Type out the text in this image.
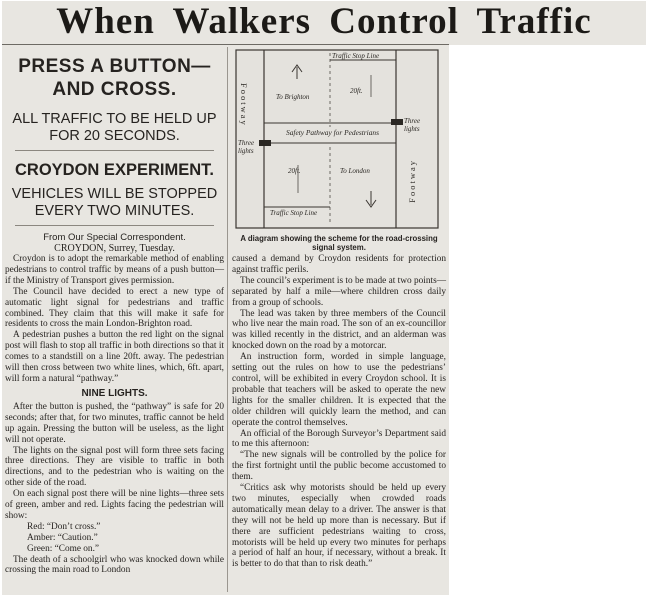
When Walkers Control Traffic
PRESS A BUTTON— AND CROSS.
ALL TRAFFIC TO BE HELD UP FOR 20 SECONDS.
CROYDON EXPERIMENT.
VEHICLES WILL BE STOPPED EVERY TWO MINUTES.
From Our Special Correspondent.
CROYDON, Surrey, Tuesday.

Croydon is to adopt the remarkable method of enabling pedestrians to control traffic by means of a push button—if the Ministry of Transport gives permission.

The Council have decided to erect a new type of automatic light signal for pedestrians and traffic combined. They claim that this will make it safe for residents to cross the main London-Brighton road.

A pedestrian pushes a button the red light on the signal post will flash to stop all traffic in both directions so that it comes to a standstill on a line 20ft. away. The pedestrian will then cross between two white lines, which, 6ft. apart, will form a natural “pathway.”

NINE LIGHTS.

After the button is pushed, the “pathway” is safe for 20 seconds; after that, for two minutes, traffic cannot be held up again. Pressing the button will be useless, as the light will not operate.

The lights on the signal post will form three sets facing three directions. They are visible to traffic in both directions, and to the pedestrian who is waiting on the other side of the road.

On each signal post there will be nine lights—three sets of green, amber and red. Lights facing the pedestrian will show:

Red: “Don’t cross.”
Amber: “Caution.”
Green: “Come on.”

The death of a schoolgirl who was knocked down while crossing the main road to London

Traffic Stop Line
To Brighton
20ft.
Safety Pathway for Pedestrians
Three lights
Three lights
20ft.	To London
Traffic Stop Line
Footway
Footway
A diagram showing the scheme for the road-crossing signal system.

caused a demand by Croydon residents for protection against traffic perils.

The council’s experiment is to be made at two points—separated by half a mile—where children cross daily from a group of schools.

The lead was taken by three members of the Council who live near the main road. The son of an ex-councillor was killed recently in the district, and an alderman was knocked down on the road by a motorcar.

An instruction form, worded in simple language, setting out the rules on how to use the pedestrians’ control, will be exhibited in every Croydon school. It is probable that teachers will be asked to operate the new lights for the smaller children. It is expected that the older children will quickly learn the method, and can operate the control themselves.

An official of the Borough Surveyor’s Department said to me this afternoon:

“The new signals will be controlled by the police for the first fortnight until the public become accustomed to them.

“Critics ask why motorists should be held up every two minutes, especially when crowded roads automatically mean delay to a driver. The answer is that they will not be held up more than is necessary. But if there are sufficient pedestrians waiting to cross, motorists will be held up every two minutes for perhaps a period of half an hour, if necessary, without a break. It is better to do that than to risk death.”
